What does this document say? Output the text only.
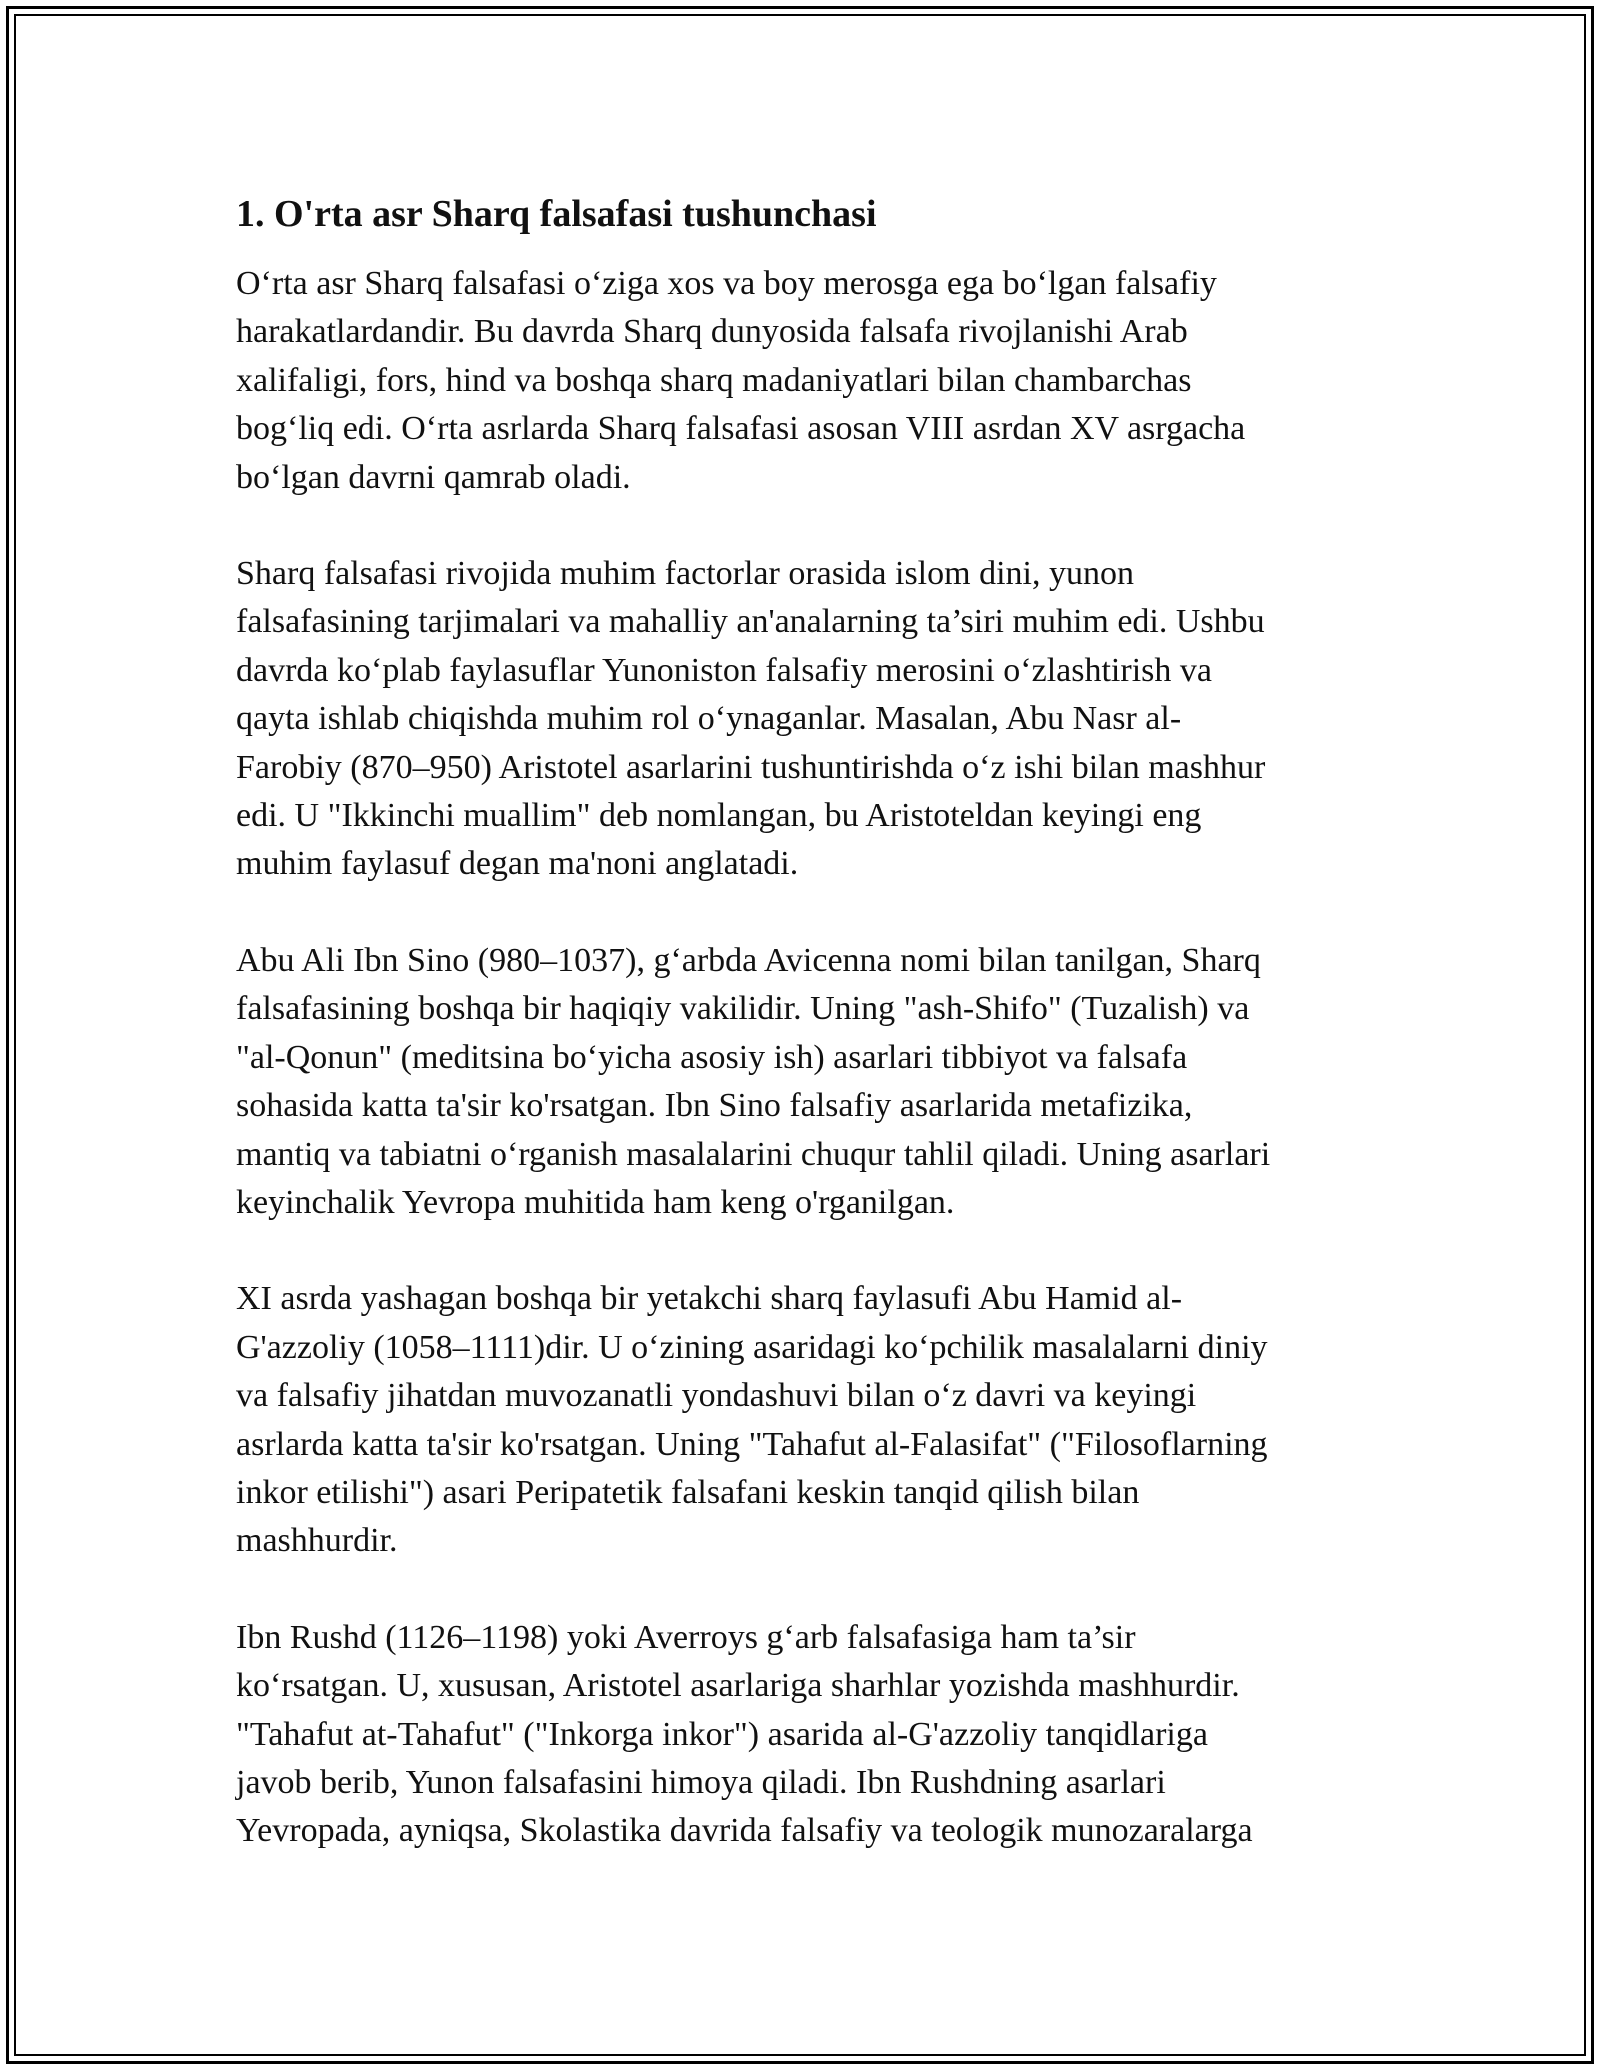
1. O'rta asr Sharq falsafasi tushunchasi

O‘rta asr Sharq falsafasi o‘ziga xos va boy merosga ega bo‘lgan falsafiy
harakatlardandir. Bu davrda Sharq dunyosida falsafa rivojlanishi Arab
xalifaligi, fors, hind va boshqa sharq madaniyatlari bilan chambarchas
bog‘liq edi. O‘rta asrlarda Sharq falsafasi asosan VIII asrdan XV asrgacha
bo‘lgan davrni qamrab oladi.

Sharq falsafasi rivojida muhim factorlar orasida islom dini, yunon
falsafasining tarjimalari va mahalliy an'analarning ta’siri muhim edi. Ushbu
davrda ko‘plab faylasuflar Yunoniston falsafiy merosini o‘zlashtirish va
qayta ishlab chiqishda muhim rol o‘ynaganlar. Masalan, Abu Nasr al-
Farobiy (870–950) Aristotel asarlarini tushuntirishda o‘z ishi bilan mashhur
edi. U "Ikkinchi muallim" deb nomlangan, bu Aristoteldan keyingi eng
muhim faylasuf degan ma'noni anglatadi.

Abu Ali Ibn Sino (980–1037), g‘arbda Avicenna nomi bilan tanilgan, Sharq
falsafasining boshqa bir haqiqiy vakilidir. Uning "ash-Shifo" (Tuzalish) va
"al-Qonun" (meditsina bo‘yicha asosiy ish) asarlari tibbiyot va falsafa
sohasida katta ta'sir ko'rsatgan. Ibn Sino falsafiy asarlarida metafizika,
mantiq va tabiatni o‘rganish masalalarini chuqur tahlil qiladi. Uning asarlari
keyinchalik Yevropa muhitida ham keng o'rganilgan.

XI asrda yashagan boshqa bir yetakchi sharq faylasufi Abu Hamid al-
G'azzoliy (1058–1111)dir. U o‘zining asaridagi ko‘pchilik masalalarni diniy
va falsafiy jihatdan muvozanatli yondashuvi bilan o‘z davri va keyingi
asrlarda katta ta'sir ko'rsatgan. Uning "Tahafut al-Falasifat" ("Filosoflarning
inkor etilishi") asari Peripatetik falsafani keskin tanqid qilish bilan
mashhurdir.

Ibn Rushd (1126–1198) yoki Averroys g‘arb falsafasiga ham ta’sir
ko‘rsatgan. U, xususan, Aristotel asarlariga sharhlar yozishda mashhurdir.
"Tahafut at-Tahafut" ("Inkorga inkor") asarida al-G'azzoliy tanqidlariga
javob berib, Yunon falsafasini himoya qiladi. Ibn Rushdning asarlari
Yevropada, ayniqsa, Skolastika davrida falsafiy va teologik munozaralarga
